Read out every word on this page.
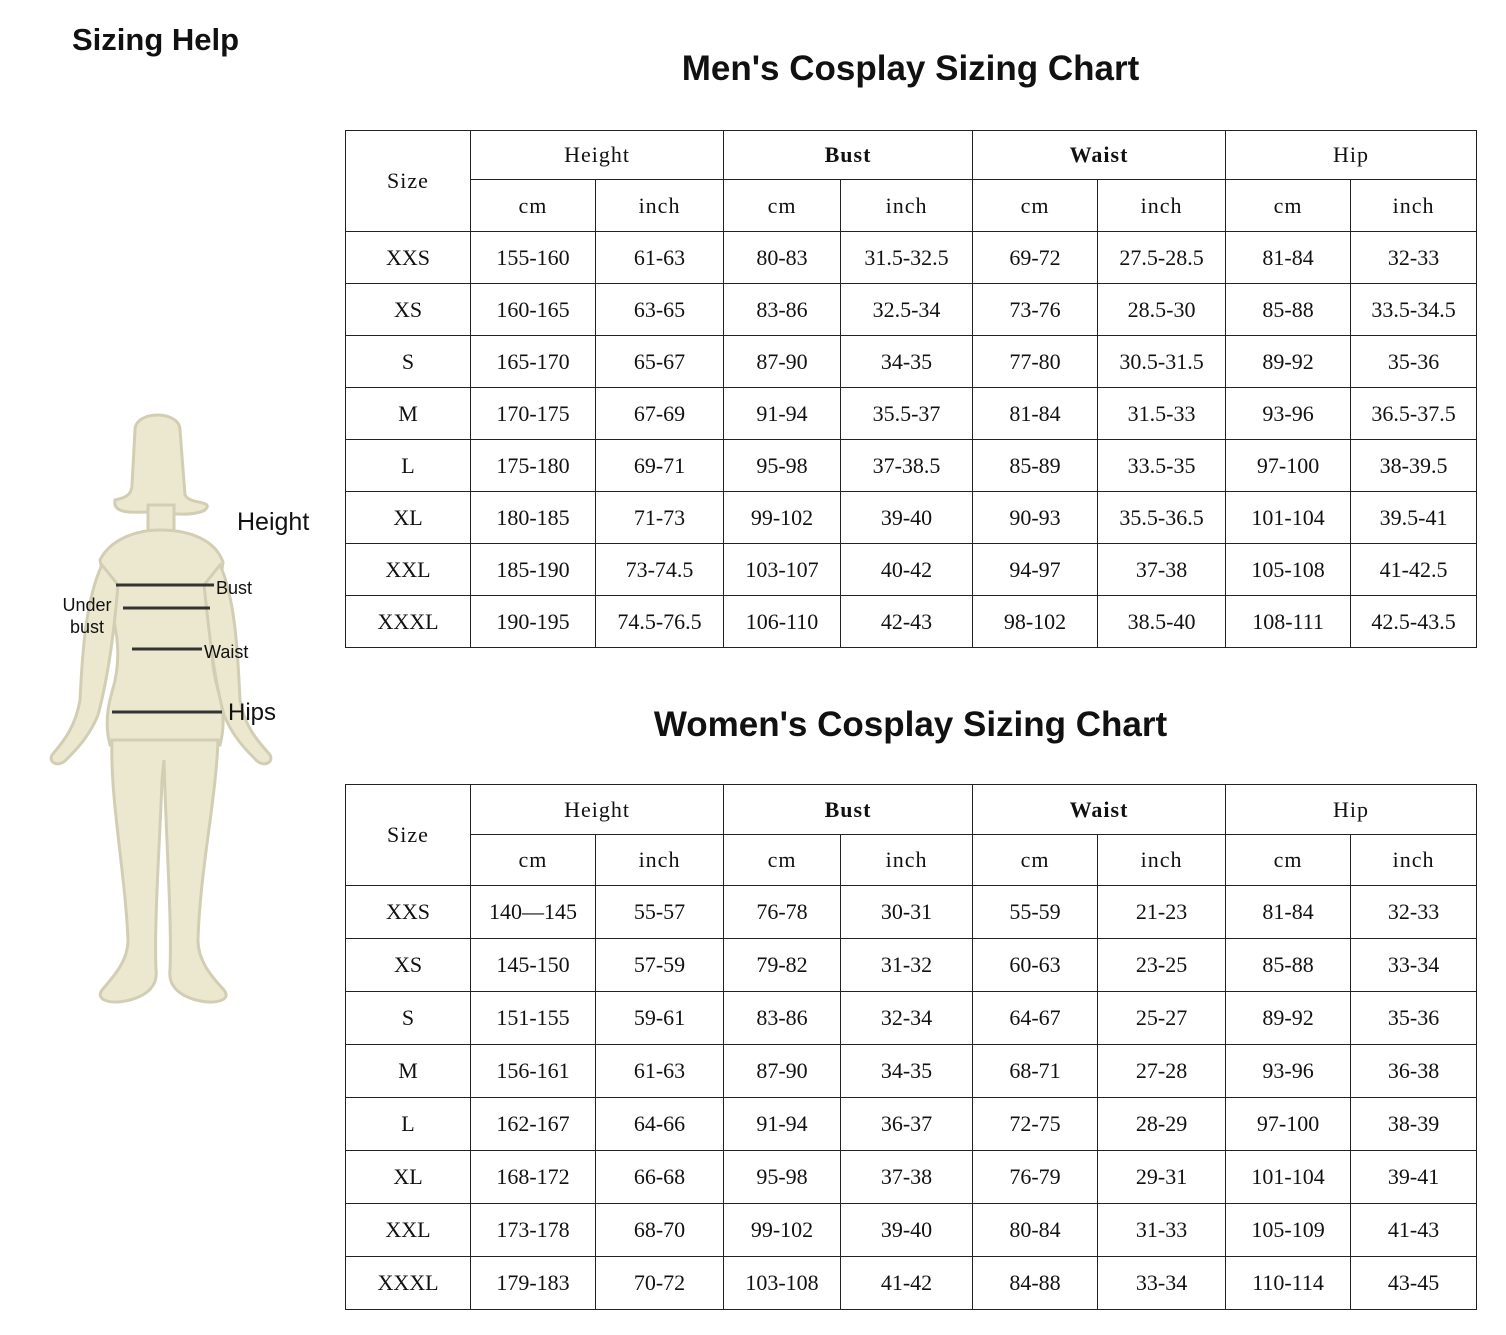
Sizing Help
Height
Bust
Under bust
Waist
Hips
Men's Cosplay Sizing Chart
Size	Height		Bust		Waist		Hip	
	cm	inch	cm	inch	cm	inch	cm	inch
XXS	155-160	61-63	80-83	31.5-32.5	69-72	27.5-28.5	81-84	32-33
XS	160-165	63-65	83-86	32.5-34	73-76	28.5-30	85-88	33.5-34.5
S	165-170	65-67	87-90	34-35	77-80	30.5-31.5	89-92	35-36
M	170-175	67-69	91-94	35.5-37	81-84	31.5-33	93-96	36.5-37.5
L	175-180	69-71	95-98	37-38.5	85-89	33.5-35	97-100	38-39.5
XL	180-185	71-73	99-102	39-40	90-93	35.5-36.5	101-104	39.5-41
XXL	185-190	73-74.5	103-107	40-42	94-97	37-38	105-108	41-42.5
XXXL	190-195	74.5-76.5	106-110	42-43	98-102	38.5-40	108-111	42.5-43.5
Women's Cosplay Sizing Chart
Size	Height		Bust		Waist		Hip	
	cm	inch	cm	inch	cm	inch	cm	inch
XXS	140—145	55-57	76-78	30-31	55-59	21-23	81-84	32-33
XS	145-150	57-59	79-82	31-32	60-63	23-25	85-88	33-34
S	151-155	59-61	83-86	32-34	64-67	25-27	89-92	35-36
M	156-161	61-63	87-90	34-35	68-71	27-28	93-96	36-38
L	162-167	64-66	91-94	36-37	72-75	28-29	97-100	38-39
XL	168-172	66-68	95-98	37-38	76-79	29-31	101-104	39-41
XXL	173-178	68-70	99-102	39-40	80-84	31-33	105-109	41-43
XXXL	179-183	70-72	103-108	41-42	84-88	33-34	110-114	43-45
